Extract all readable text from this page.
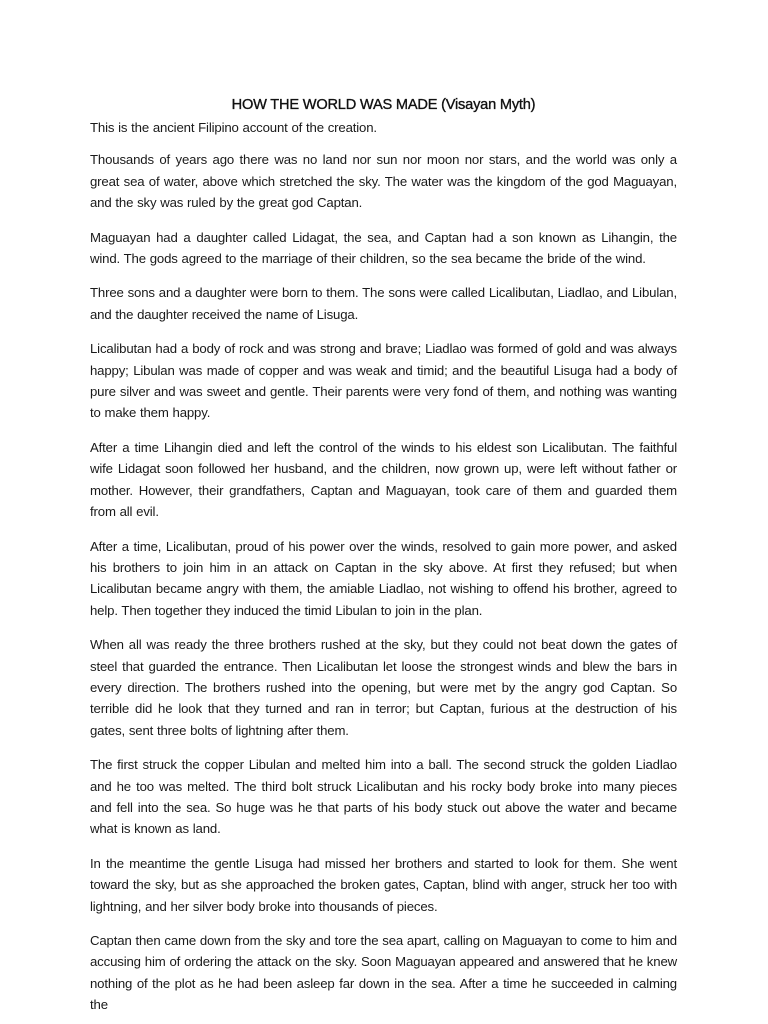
HOW THE WORLD WAS MADE (Visayan Myth)

This is the ancient Filipino account of the creation.

Thousands of years ago there was no land nor sun nor moon nor stars, and the world was only a great sea of water, above which stretched the sky. The water was the kingdom of the god Maguayan, and the sky was ruled by the great god Captan.

Maguayan had a daughter called Lidagat, the sea, and Captan had a son known as Lihangin, the wind. The gods agreed to the marriage of their children, so the sea became the bride of the wind.

Three sons and a daughter were born to them. The sons were called Licalibutan, Liadlao, and Libulan, and the daughter received the name of Lisuga.

Licalibutan had a body of rock and was strong and brave; Liadlao was formed of gold and was always happy; Libulan was made of copper and was weak and timid; and the beautiful Lisuga had a body of pure silver and was sweet and gentle. Their parents were very fond of them, and nothing was wanting to make them happy.

After a time Lihangin died and left the control of the winds to his eldest son Licalibutan. The faithful wife Lidagat soon followed her husband, and the children, now grown up, were left without father or mother. However, their grandfathers, Captan and Maguayan, took care of them and guarded them from all evil.

After a time, Licalibutan, proud of his power over the winds, resolved to gain more power, and asked his brothers to join him in an attack on Captan in the sky above. At first they refused; but when Licalibutan became angry with them, the amiable Liadlao, not wishing to offend his brother, agreed to help. Then together they induced the timid Libulan to join in the plan.

When all was ready the three brothers rushed at the sky, but they could not beat down the gates of steel that guarded the entrance. Then Licalibutan let loose the strongest winds and blew the bars in every direction. The brothers rushed into the opening, but were met by the angry god Captan. So terrible did he look that they turned and ran in terror; but Captan, furious at the destruction of his gates, sent three bolts of lightning after them.

The first struck the copper Libulan and melted him into a ball. The second struck the golden Liadlao and he too was melted. The third bolt struck Licalibutan and his rocky body broke into many pieces and fell into the sea. So huge was he that parts of his body stuck out above the water and became what is known as land.

In the meantime the gentle Lisuga had missed her brothers and started to look for them. She went toward the sky, but as she approached the broken gates, Captan, blind with anger, struck her too with lightning, and her silver body broke into thousands of pieces.

Captan then came down from the sky and tore the sea apart, calling on Maguayan to come to him and accusing him of ordering the attack on the sky. Soon Maguayan appeared and answered that he knew nothing of the plot as he had been asleep far down in the sea. After a time he succeeded in calming the
